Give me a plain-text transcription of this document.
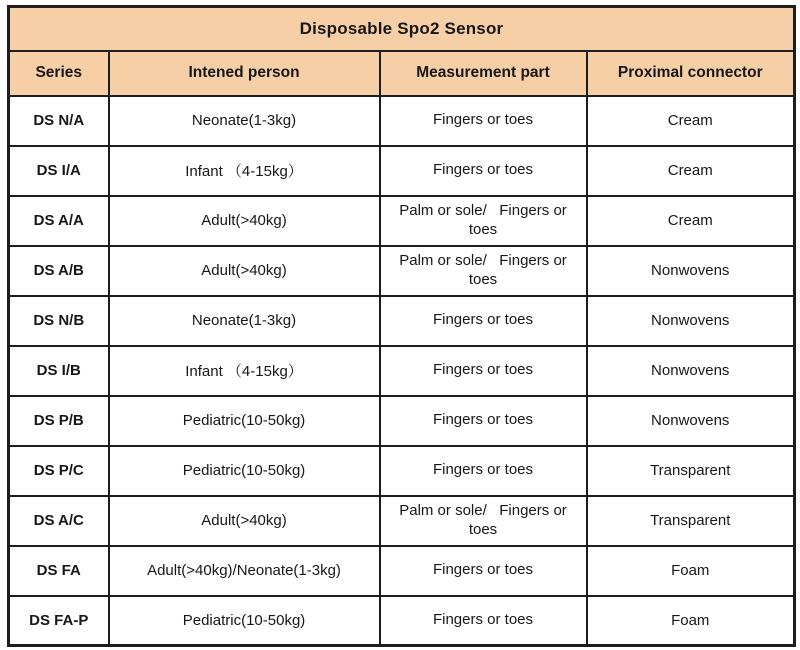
Disposable Spo2 Sensor			
Series	Intened person	Measurement part	Proximal connector
DS N/A	Neonate(1-3kg)	Fingers or toes	Cream
DS I/A	Infant （4-15kg）	Fingers or toes	Cream
DS A/A	Adult(>40kg)	Palm or sole/   Fingers or toes	Cream
DS A/B	Adult(>40kg)	Palm or sole/   Fingers or toes	Nonwovens
DS N/B	Neonate(1-3kg)	Fingers or toes	Nonwovens
DS I/B	Infant （4-15kg）	Fingers or toes	Nonwovens
DS P/B	Pediatric(10-50kg)	Fingers or toes	Nonwovens
DS P/C	Pediatric(10-50kg)	Fingers or toes	Transparent
DS A/C	Adult(>40kg)	Palm or sole/   Fingers or toes	Transparent
DS FA	Adult(>40kg)/Neonate(1-3kg)	Fingers or toes	Foam
DS FA-P	Pediatric(10-50kg)	Fingers or toes	Foam
